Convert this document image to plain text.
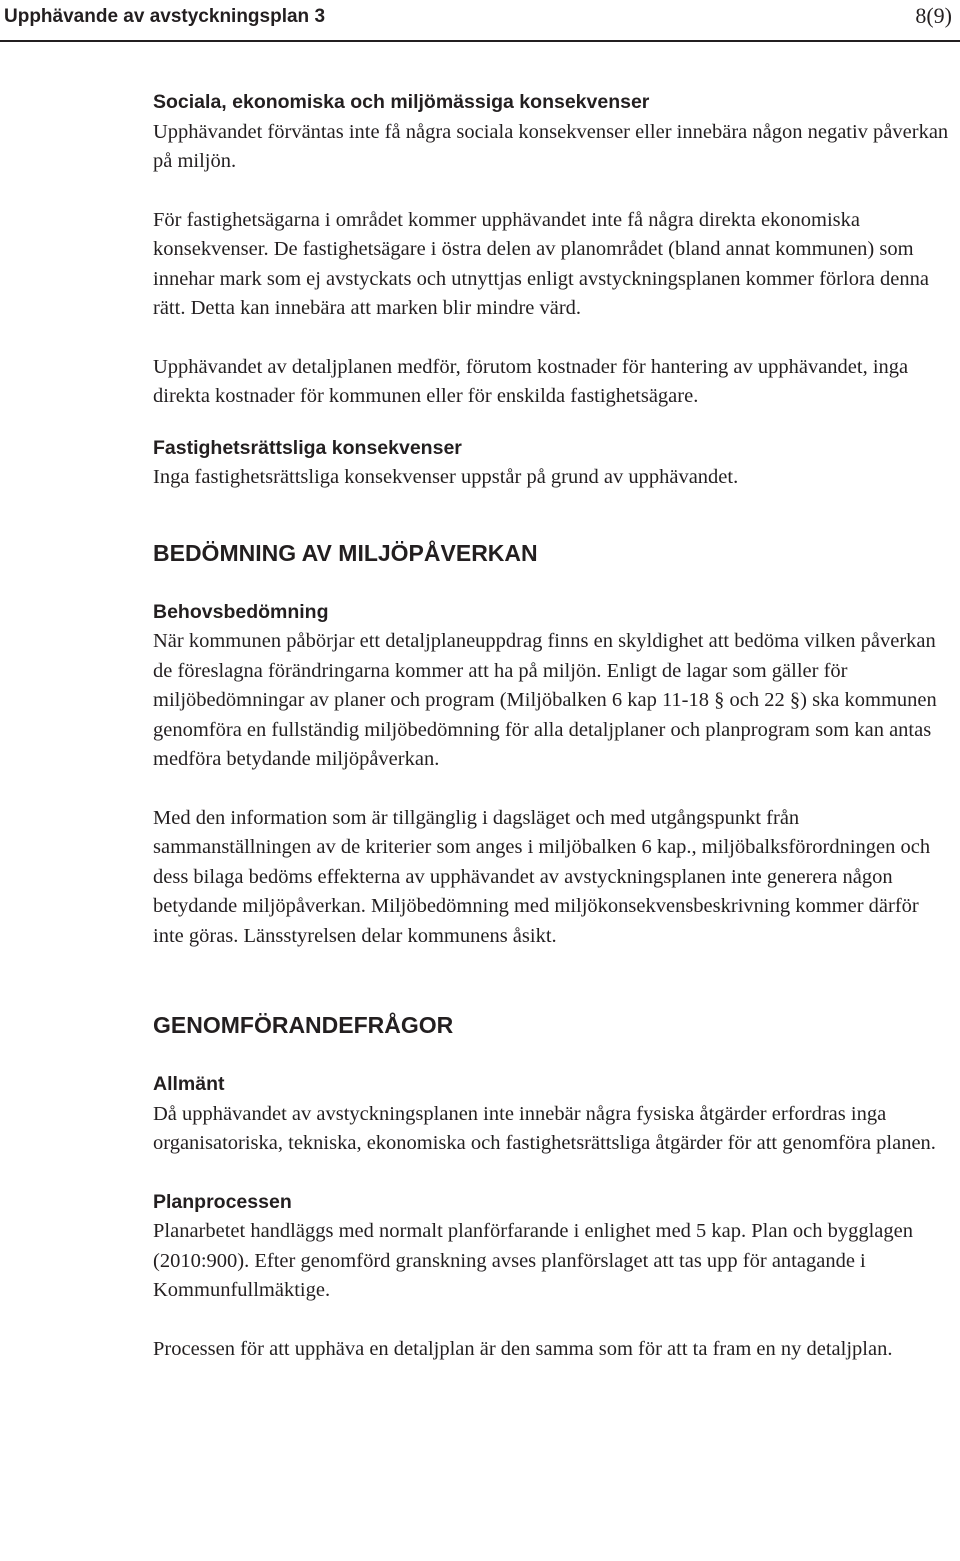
Upphävande av avstyckningsplan 3	8(9)
Sociala, ekonomiska och miljömässiga konsekvenser

Upphävandet förväntas inte få några sociala konsekvenser eller innebära någon negativ påverkan på miljön.

För fastighetsägarna i området kommer upphävandet inte få några direkta ekonomiska konsekvenser. De fastighetsägare i östra delen av planområdet (bland annat kommunen) som innehar mark som ej avstyckats och utnyttjas enligt avstyckningsplanen kommer förlora denna rätt. Detta kan innebära att marken blir mindre värd.

Upphävandet av detaljplanen medför, förutom kostnader för hantering av upphävandet, inga direkta kostnader för kommunen eller för enskilda fastighetsägare.

Fastighetsrättsliga konsekvenser

Inga fastighetsrättsliga konsekvenser uppstår på grund av upphävandet.

BEDÖMNING AV MILJÖPÅVERKAN
Behovsbedömning

När kommunen påbörjar ett detaljplaneuppdrag finns en skyldighet att bedöma vilken påverkan de föreslagna förändringarna kommer att ha på miljön. Enligt de lagar som gäller för miljöbedömningar av planer och program (Miljöbalken 6 kap 11-18 § och 22 §) ska kommunen genomföra en fullständig miljöbedömning för alla detaljplaner och planprogram som kan antas medföra betydande miljöpåverkan.

Med den information som är tillgänglig i dagsläget och med utgångspunkt från sammanställningen av de kriterier som anges i miljöbalken 6 kap., miljöbalksförordningen och dess bilaga bedöms effekterna av upphävandet av avstyckningsplanen inte generera någon betydande miljöpåverkan. Miljöbedömning med miljökonsekvensbeskrivning kommer därför inte göras. Länsstyrelsen delar kommunens åsikt.

GENOMFÖRANDEFRÅGOR
Allmänt

Då upphävandet av avstyckningsplanen inte innebär några fysiska åtgärder erfordras inga organisatoriska, tekniska, ekonomiska och fastighetsrättsliga åtgärder för att genomföra planen.

Planprocessen

Planarbetet handläggs med normalt planförfarande i enlighet med 5 kap. Plan och bygglagen (2010:900). Efter genomförd granskning avses planförslaget att tas upp för antagande i Kommunfullmäktige.

Processen för att upphäva en detaljplan är den samma som för att ta fram en ny detaljplan.
